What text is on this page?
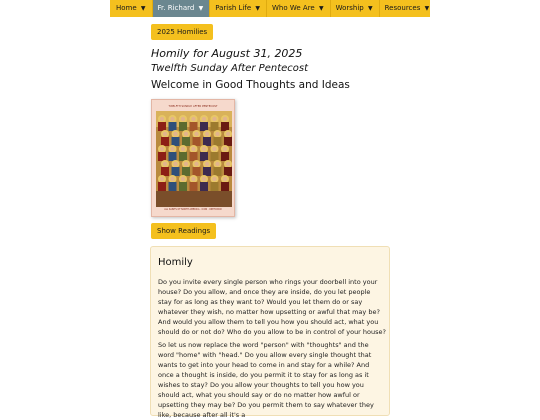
Home ▼	Fr. Richard ▼	Parish Life ▼	Who We Are ▼	Worship ▼	Resources ▼
2025 Homilies
Homily for August 31, 2025
Twelfth Sunday After Pentecost
Welcome in Good Thoughts and Ideas
TWELFTH SUNDAY AFTER PENTECOST
ALL SAINTS OF NORTH AMERICA · ICON · ORTHODOX
Show Readings
Homily

Do you invite every single person who rings your doorbell into your house? Do you allow, and once they are inside, do you let people stay for as long as they want to? Would you let them do or say whatever they wish, no matter how upsetting or awful that may be? And would you allow them to tell you how you should act, what you should do or not do? Who do you allow to be in control of your house?

So let us now replace the word "person" with "thoughts" and the word "home" with "head." Do you allow every single thought that wants to get into your head to come in and stay for a while? And once a thought is inside, do you permit it to stay for as long as it wishes to stay? Do you allow your thoughts to tell you how you should act, what you should say or do no matter how awful or upsetting they may be? Do you permit them to say whatever they like, because after all it's a
